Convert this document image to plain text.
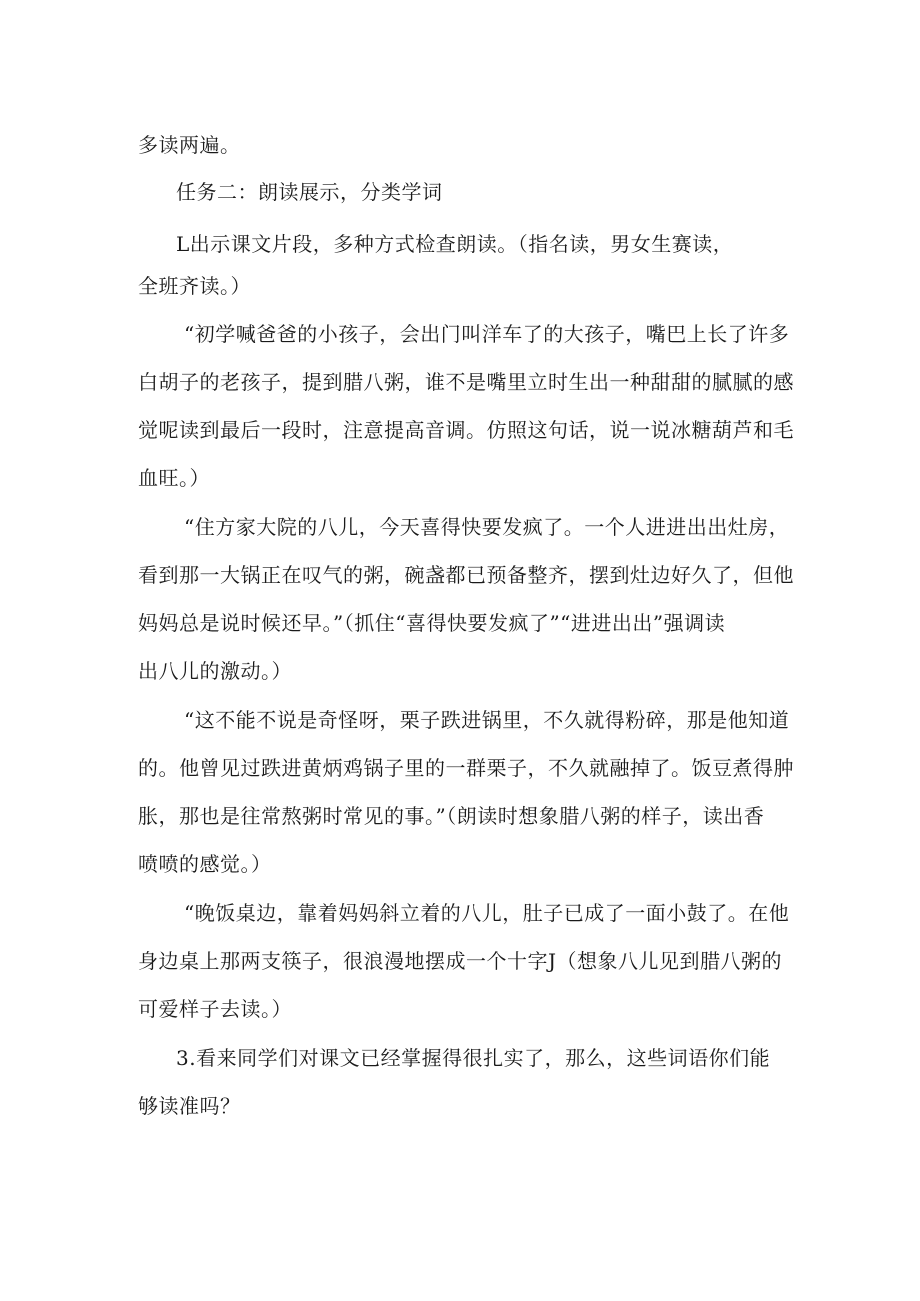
多读两遍。
任务二：朗读展示，分类学词
L出示课文片段，多种方式检查朗读。（指名读，男女生赛读，
全班齐读。）
“初学喊爸爸的小孩子，会出门叫洋车了的大孩子，嘴巴上长了许多
白胡子的老孩子，提到腊八粥，谁不是嘴里立时生出一种甜甜的腻腻的感
觉呢读到最后一段时，注意提高音调。仿照这句话，说一说冰糖葫芦和毛
血旺。）
“住方家大院的八儿，今天喜得快要发疯了。一个人进进出出灶房，
看到那一大锅正在叹气的粥，碗盏都已预备整齐，摆到灶边好久了，但他
妈妈总是说时候还早。”（抓住“喜得快要发疯了”“进进出出”强调读
出八儿的激动。）
“这不能不说是奇怪呀，栗子跌进锅里，不久就得粉碎，那是他知道
的。他曾见过跌进黄炳鸡锅子里的一群栗子，不久就融掉了。饭豆煮得肿
胀，那也是往常熬粥时常见的事。”（朗读时想象腊八粥的样子，读出香
喷喷的感觉。）
“晚饭桌边，靠着妈妈斜立着的八儿，肚子已成了一面小鼓了。在他
身边桌上那两支筷子，很浪漫地摆成一个十字J（想象八儿见到腊八粥的
可爱样子去读。）
3.看来同学们对课文已经掌握得很扎实了，那么，这些词语你们能
够读准吗？
